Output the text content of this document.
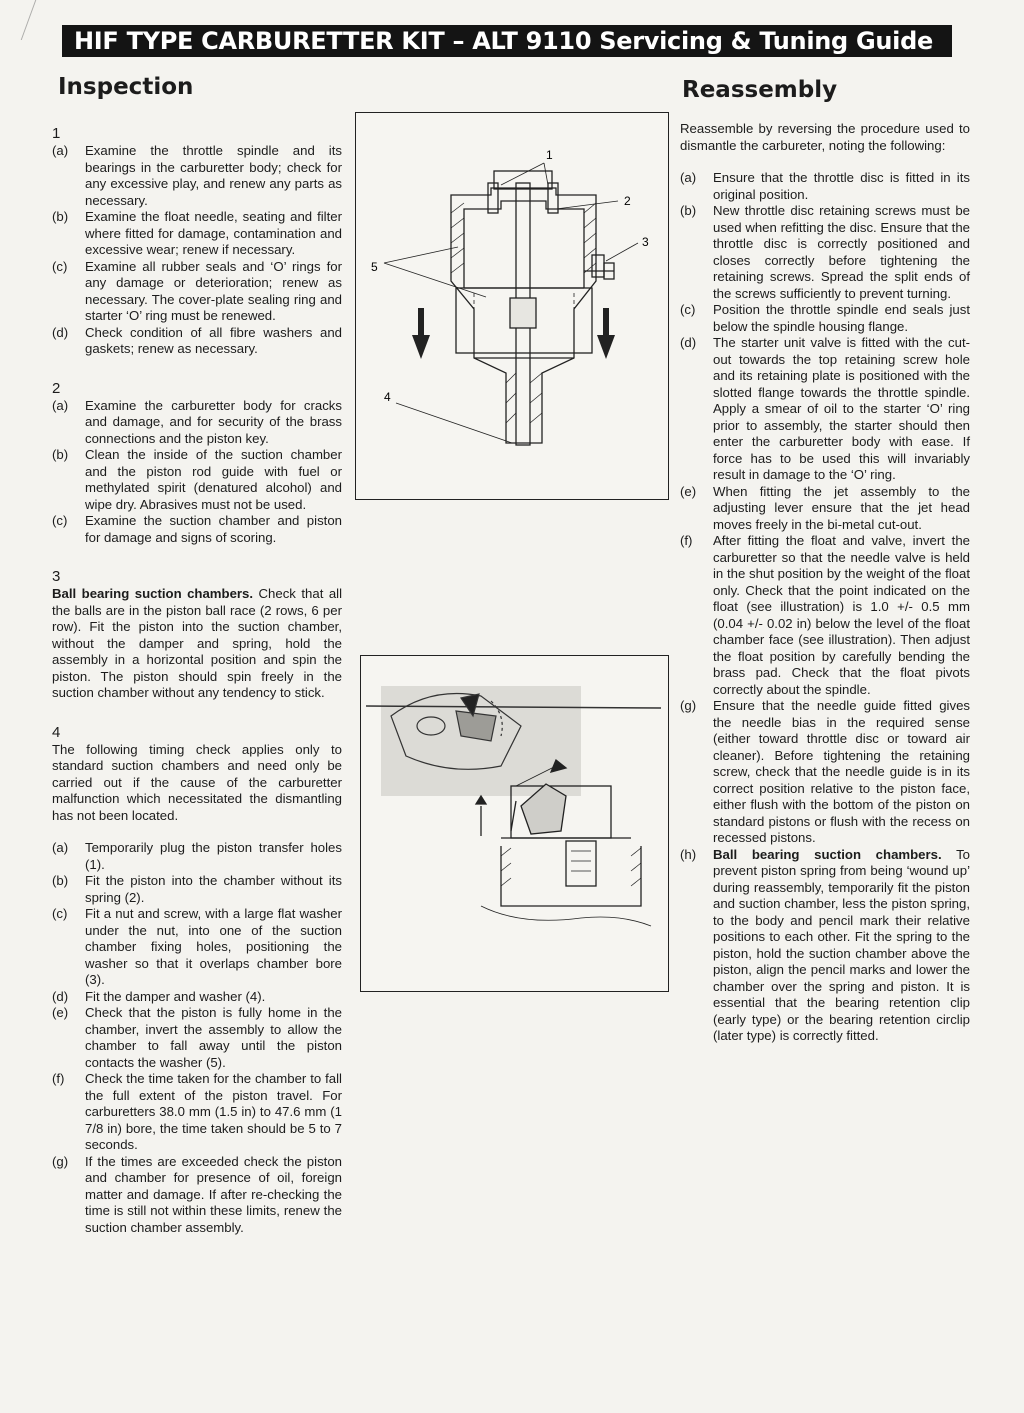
HIF TYPE CARBURETTER KIT – ALT 9110 Servicing & Tuning Guide
Inspection
1
(a)	Examine the throttle spindle and its bearings in the carburetter body; check for any excessive play, and renew any parts as necessary.
(b)	Examine the float needle, seating and filter where fitted for damage, contamination and excessive wear; renew if necessary.
(c)	Examine all rubber seals and ‘O’ rings for any damage or deterioration; renew as necessary. The cover-plate sealing ring and starter ‘O’ ring must be renewed.
(d)	Check condition of all fibre washers and gaskets; renew as necessary.
2
(a)	Examine the carburetter body for cracks and damage, and for security of the brass connections and the piston key.
(b)	Clean the inside of the suction chamber and the piston rod guide with fuel or methylated spirit (denatured alcohol) and wipe dry. Abrasives must not be used.
(c)	Examine the suction chamber and piston for damage and signs of scoring.
3

Ball bearing suction chambers. Check that all the balls are in the piston ball race (2 rows, 6 per row). Fit the piston into the suction chamber, without the damper and spring, hold the assembly in a horizontal position and spin the piston. The piston should spin freely in the suction chamber without any tendency to stick.

4

The following timing check applies only to standard suction chambers and need only be carried out if the cause of the carburetter malfunction which necessitated the dismantling has not been located.

(a)	Temporarily plug the piston transfer holes (1).
(b)	Fit the piston into the chamber without its spring (2).
(c)	Fit a nut and screw, with a large flat washer under the nut, into one of the suction chamber fixing holes, positioning the washer so that it overlaps chamber bore (3).
(d)	Fit the damper and washer (4).
(e)	Check that the piston is fully home in the chamber, invert the assembly to allow the chamber to fall away until the piston contacts the washer (5).
(f)	Check the time taken for the chamber to fall the full extent of the piston travel. For carburetters 38.0 mm (1.5 in) to 47.6 mm (1 7/8 in) bore, the time taken should be 5 to 7 seconds.
(g)	If the times are exceeded check the piston and chamber for presence of oil, foreign matter and damage. If after re-checking the time is still not within these limits, renew the suction chamber assembly.
1
2
3
4
5
Reassembly

Reassemble by reversing the procedure used to dismantle the carbureter, noting the following:

(a)	Ensure that the throttle disc is fitted in its original position.
(b)	New throttle disc retaining screws must be used when refitting the disc. Ensure that the throttle disc is correctly positioned and closes correctly before tightening the retaining screws. Spread the split ends of the screws sufficiently to prevent turning.
(c)	Position the throttle spindle end seals just below the spindle housing flange.
(d)	The starter unit valve is fitted with the cut-out towards the top retaining screw hole and its retaining plate is positioned with the slotted flange towards the throttle spindle. Apply a smear of oil to the starter ‘O’ ring prior to assembly, the starter should then enter the carburetter body with ease. If force has to be used this will invariably result in damage to the ‘O’ ring.
(e)	When fitting the jet assembly to the adjusting lever ensure that the jet head moves freely in the bi-metal cut-out.
(f)	After fitting the float and valve, invert the carburetter so that the needle valve is held in the shut position by the weight of the float only. Check that the point indicated on the float (see illustration) is 1.0 +/- 0.5 mm (0.04 +/- 0.02 in) below the level of the float chamber face (see illustration). Then adjust the float position by carefully bending the brass pad. Check that the float pivots correctly about the spindle.
(g)	Ensure that the needle guide fitted gives the needle bias in the required sense (either toward throttle disc or toward air cleaner). Before tightening the retaining screw, check that the needle guide is in its correct position relative to the piston face, either flush with the bottom of the piston on standard pistons or flush with the recess on recessed pistons.
(h)	Ball bearing suction chambers. To prevent piston spring from being ‘wound up’ during reassembly, temporarily fit the piston and suction chamber, less the piston spring, to the body and pencil mark their relative positions to each other. Fit the spring to the piston, hold the suction chamber above the piston, align the pencil marks and lower the chamber over the spring and piston. It is essential that the bearing retention clip (early type) or the bearing retention circlip (later type) is correctly fitted.
